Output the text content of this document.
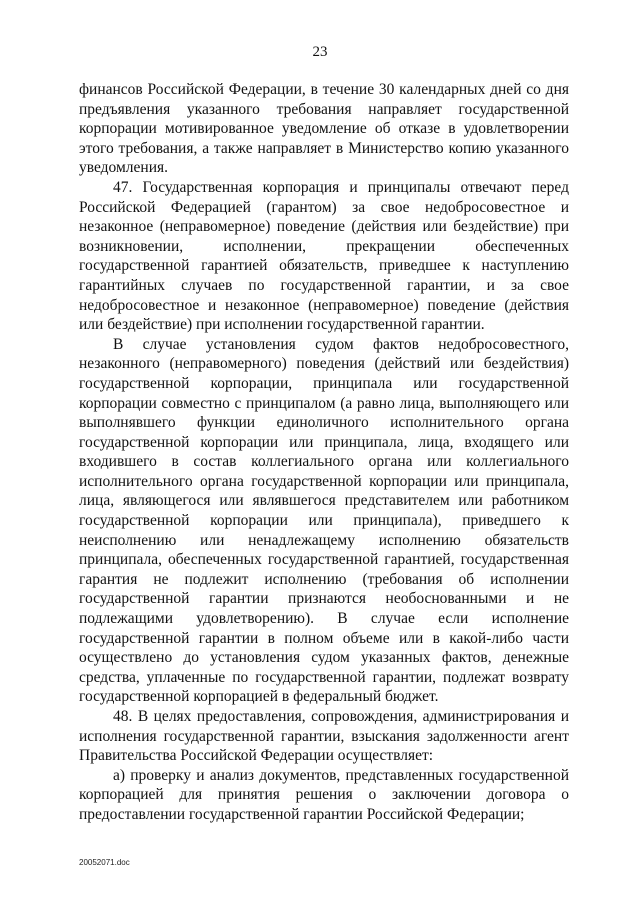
23

финансов Российской Федерации, в течение 30 календарных дней со дня предъявления указанного требования направляет государственной корпорации мотивированное уведомление об отказе в удовлетворении этого требования, а также направляет в Министерство копию указанного уведомления.

47. Государственная корпорация и принципалы отвечают перед Российской Федерацией (гарантом) за свое недобросовестное и незаконное (неправомерное) поведение (действия или бездействие) при возникновении, исполнении, прекращении обеспеченных государственной гарантией обязательств, приведшее к наступлению гарантийных случаев по государственной гарантии, и за свое недобросовестное и незаконное (неправомерное) поведение (действия или бездействие) при исполнении государственной гарантии.

В случае установления судом фактов недобросовестного, незаконного (неправомерного) поведения (действий или бездействия) государственной корпорации, принципала или государственной корпорации совместно с принципалом (а равно лица, выполняющего или выполнявшего функции единоличного исполнительного органа государственной корпорации или принципала, лица, входящего или входившего в состав коллегиального органа или коллегиального исполнительного органа государственной корпорации или принципала, лица, являющегося или являвшегося представителем или работником государственной корпорации или принципала), приведшего к неисполнению или ненадлежащему исполнению обязательств принципала, обеспеченных государственной гарантией, государственная гарантия не подлежит исполнению (требования об исполнении государственной гарантии признаются необоснованными и не подлежащими удовлетворению). В случае если исполнение государственной гарантии в полном объеме или в какой-либо части осуществлено до установления судом указанных фактов, денежные средства, уплаченные по государственной гарантии, подлежат возврату государственной корпорацией в федеральный бюджет.

48. В целях предоставления, сопровождения, администрирования и исполнения государственной гарантии, взыскания задолженности агент Правительства Российской Федерации осуществляет:

а) проверку и анализ документов, представленных государственной корпорацией для принятия решения о заключении договора о предоставлении государственной гарантии Российской Федерации;

20052071.doc
